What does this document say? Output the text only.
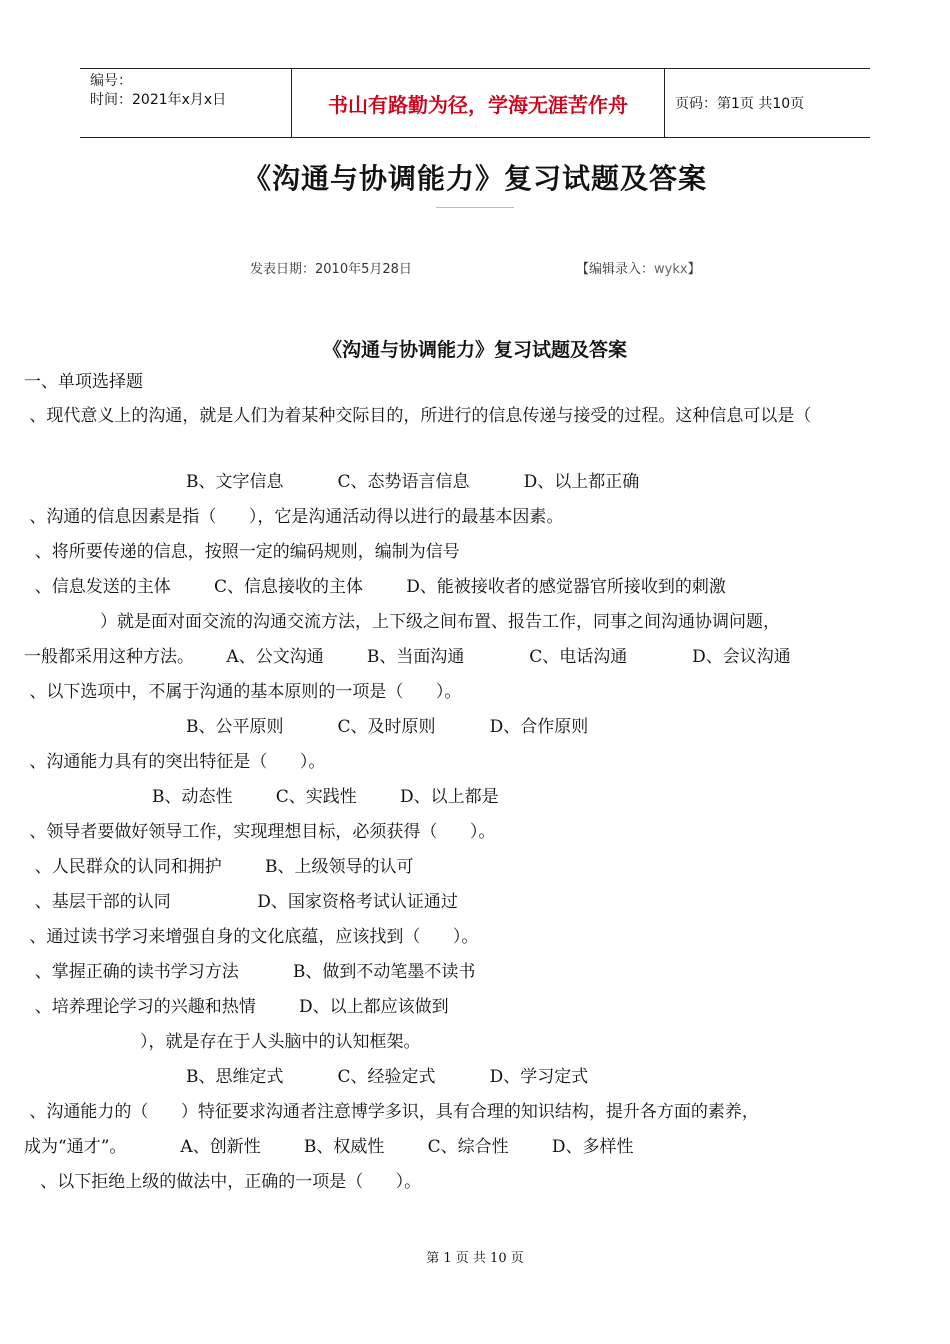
编号：
时间：2021年x月x日	书山有路勤为径，学海无涯苦作舟	页码：第1页 共10页
《沟通与协调能力》复习试题及答案
发表日期：2010年5月28日	【编辑录入：wykx】
《沟通与协调能力》复习试题及答案
一、单项选择题
、现代意义上的沟通，就是人们为着某种交际目的，所进行的信息传递与接受的过程。这种信息可以是（
B、文字信息          C、态势语言信息          D、以上都正确
、沟通的信息因素是指（      ），它是沟通活动得以进行的最基本因素。
、将所要传递的信息，按照一定的编码规则，编制为信号
、信息发送的主体        C、信息接收的主体        D、能被接收者的感觉器官所接收到的刺激
）就是面对面交流的沟通交流方法，上下级之间布置、报告工作，同事之间沟通协调问题，
一般都采用这种方法。      A、公文沟通        B、当面沟通            C、电话沟通            D、会议沟通
、以下选项中，不属于沟通的基本原则的一项是（      ）。
B、公平原则          C、及时原则          D、合作原则
、沟通能力具有的突出特征是（      ）。
B、动态性        C、实践性        D、以上都是
、领导者要做好领导工作，实现理想目标，必须获得（      ）。
、人民群众的认同和拥护        B、上级领导的认可
、基层干部的认同                D、国家资格考试认证通过
、通过读书学习来增强自身的文化底蕴，应该找到（      ）。
、掌握正确的读书学习方法          B、做到不动笔墨不读书
、培养理论学习的兴趣和热情        D、以上都应该做到
），就是存在于人头脑中的认知框架。
B、思维定式          C、经验定式          D、学习定式
、沟通能力的（      ）特征要求沟通者注意博学多识，具有合理的知识结构，提升各方面的素养，
成为“通才”。          A、创新性        B、权威性        C、综合性        D、多样性
、以下拒绝上级的做法中，正确的一项是（      ）。
第 1 页 共 10 页
